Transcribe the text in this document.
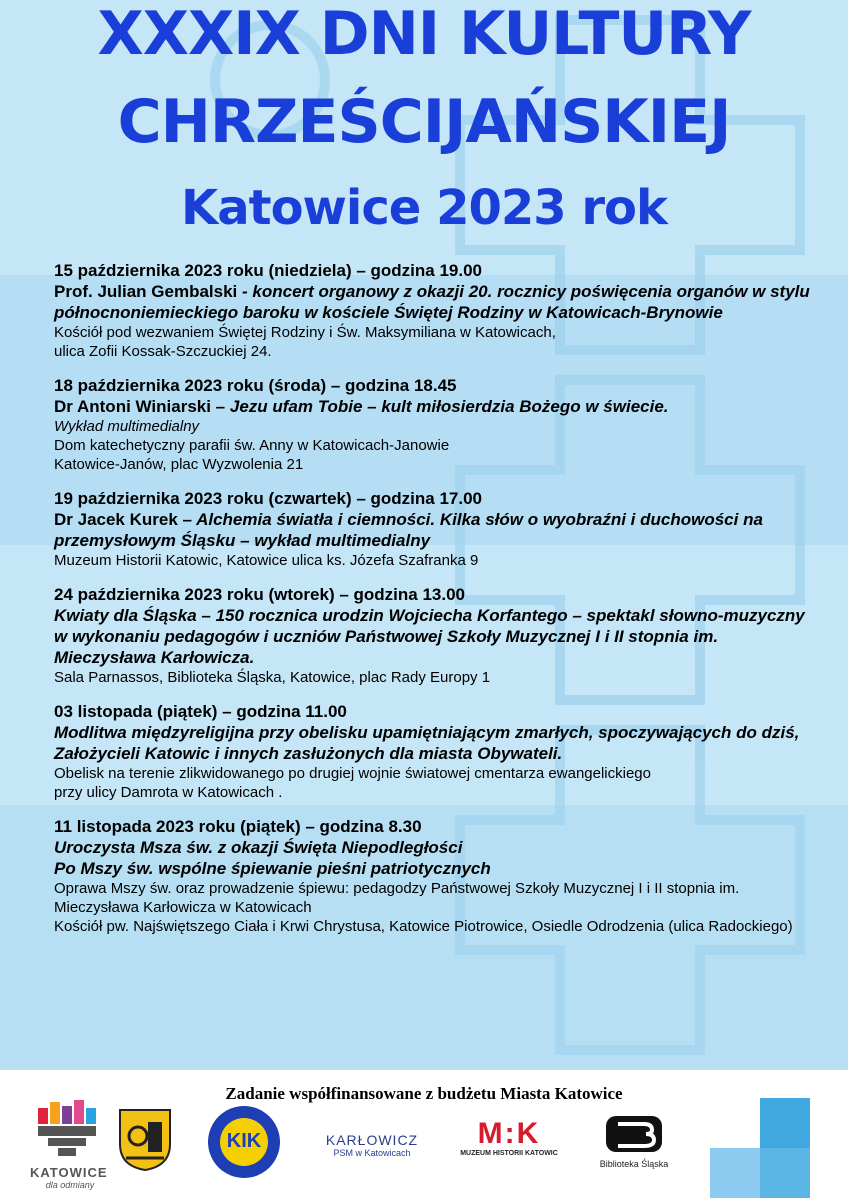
XXXIX DNI KULTURY
CHRZEŚCIJAŃSKIEJ
Katowice 2023 rok
15 października 2023 roku (niedziela) – godzina 19.00
Prof. Julian Gembalski - koncert organowy z okazji 20. rocznicy poświęcenia organów w stylu północnoniemieckiego baroku w kościele Świętej Rodziny w Katowicach-Brynowie
Kościół pod wezwaniem Świętej Rodziny i Św. Maksymiliana w Katowicach,
ulica Zofii Kossak-Szczuckiej 24.
18 października 2023 roku (środa) – godzina 18.45
Dr Antoni Winiarski – Jezu ufam Tobie – kult miłosierdzia Bożego w świecie.
Wykład multimedialny
Dom katechetyczny parafii św. Anny w Katowicach-Janowie
Katowice-Janów, plac Wyzwolenia 21
19 października 2023 roku (czwartek) – godzina 17.00
Dr Jacek Kurek – Alchemia światła i ciemności. Kilka słów o wyobraźni i duchowości na przemysłowym Śląsku – wykład multimedialny
Muzeum Historii Katowic, Katowice ulica ks. Józefa Szafranka 9
24 października 2023 roku (wtorek) – godzina 13.00
Kwiaty dla Śląska – 150 rocznica urodzin Wojciecha Korfantego – spektakl słowno-muzyczny w wykonaniu pedagogów i uczniów Państwowej Szkoły Muzycznej I i II stopnia im. Mieczysława Karłowicza.
Sala Parnassos, Biblioteka Śląska, Katowice, plac Rady Europy 1
03 listopada (piątek) – godzina 11.00
Modlitwa międzyreligijna przy obelisku upamiętniającym zmarłych, spoczywających do dziś, Założycieli Katowic i innych zasłużonych dla miasta Obywateli.
Obelisk na terenie zlikwidowanego po drugiej wojnie światowej cmentarza ewangelickiego
przy ulicy Damrota w Katowicach .
11 listopada 2023 roku (piątek) – godzina 8.30
Uroczysta Msza św. z okazji Święta Niepodległości
Po Mszy św. wspólne śpiewanie pieśni patriotycznych
Oprawa Mszy św. oraz prowadzenie śpiewu: pedagodzy Państwowej Szkoły Muzycznej I i II stopnia im. Mieczysława Karłowicza w Katowicach
Kościół pw. Najświętszego Ciała i Krwi Chrystusa, Katowice Piotrowice, Osiedle Odrodzenia (ulica Radockiego)
Zadanie współfinansowane z budżetu Miasta Katowice
KATOWICE
dla odmiany
KIK	KARŁOWICZ
PSM w Katowicach
M:K
MUZEUM HISTORII KATOWIC
Biblioteka Śląska
